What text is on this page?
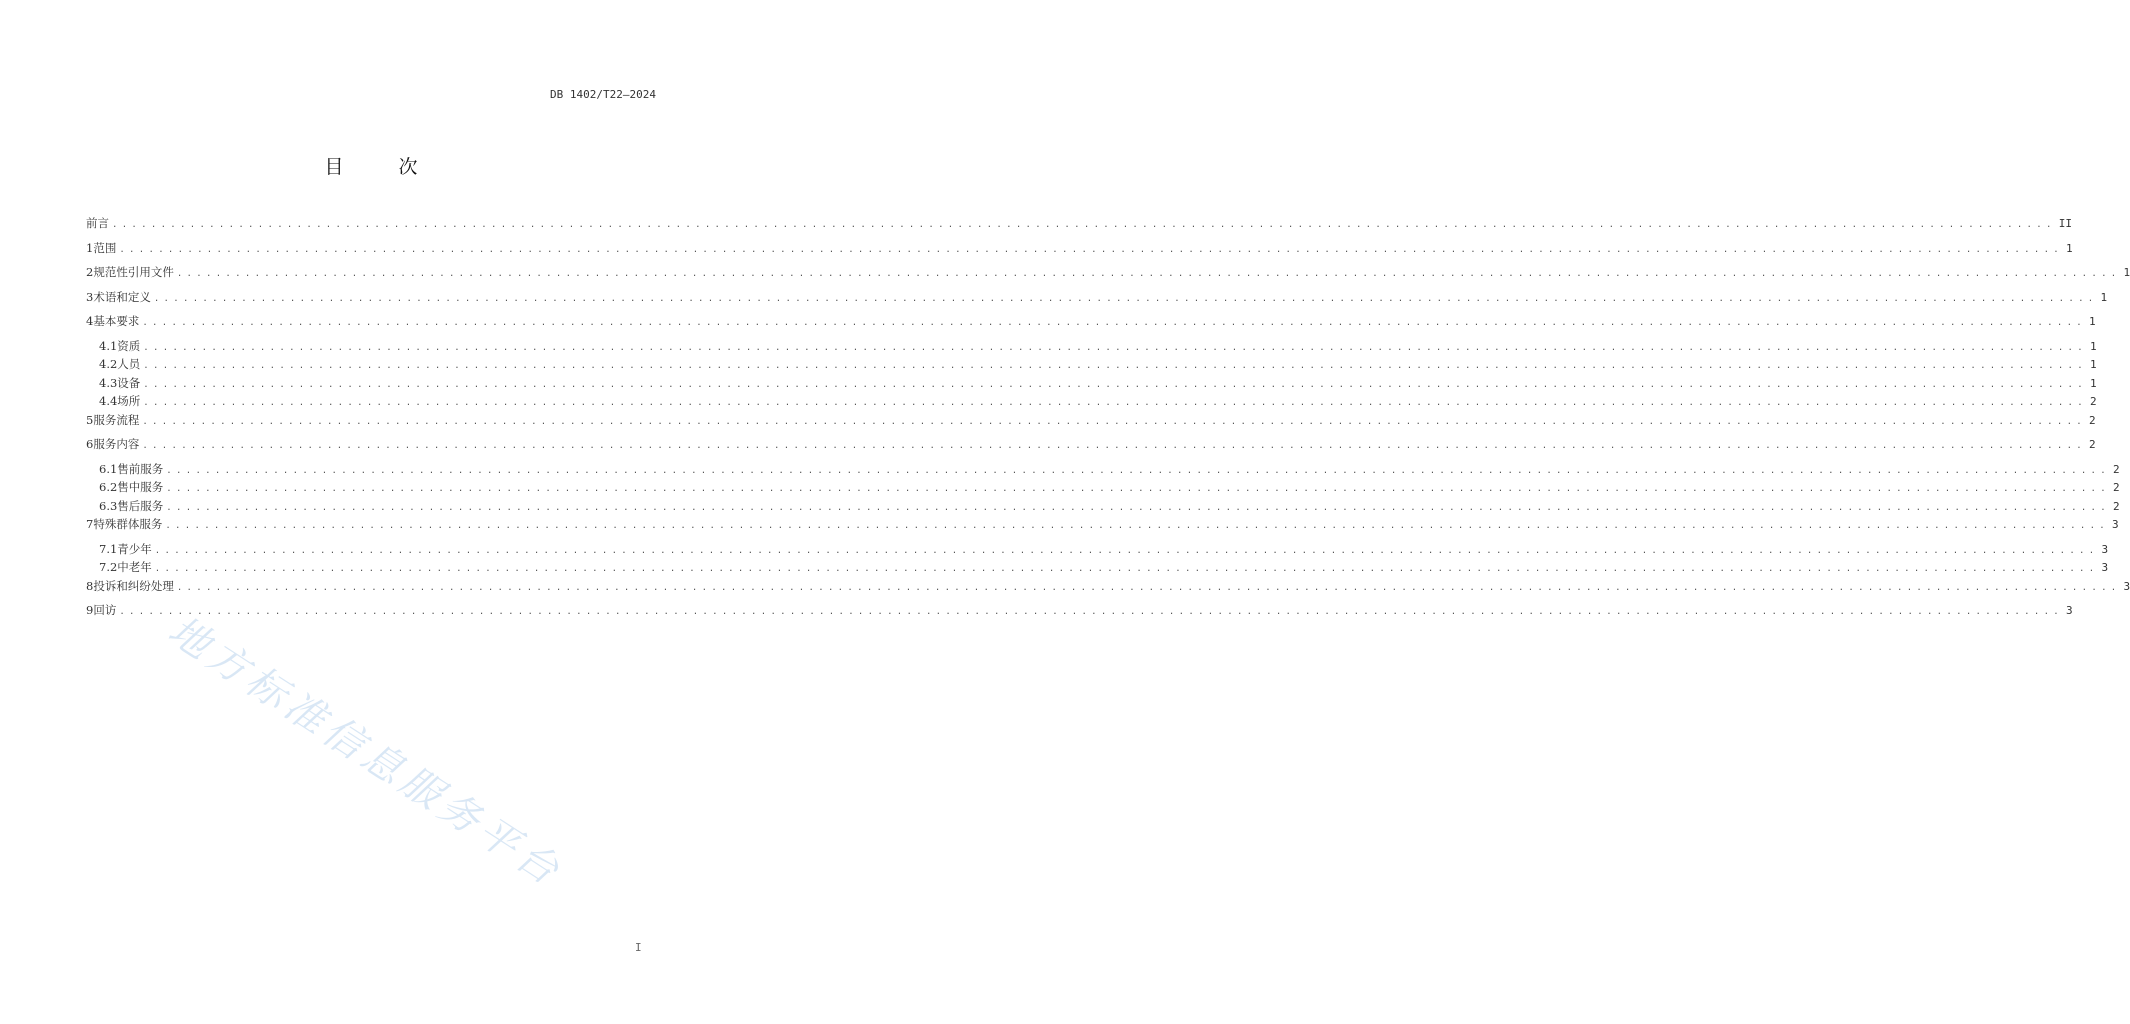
DB 1402/T22—2024
目　次
前言 ........................................................................................................................................................................................................ II
1 范围 ........................................................................................................................................................................................................ 1
2 规范性引用文件 ........................................................................................................................................................................................................ 1
3 术语和定义 ........................................................................................................................................................................................................ 1
4 基本要求 ........................................................................................................................................................................................................ 1
4.1 资质 ........................................................................................................................................................................................................ 1
4.2 人员 ........................................................................................................................................................................................................ 1
4.3 设备 ........................................................................................................................................................................................................ 1
4.4 场所 ........................................................................................................................................................................................................ 2
5 服务流程 ........................................................................................................................................................................................................ 2
6 服务内容 ........................................................................................................................................................................................................ 2
6.1 售前服务 ........................................................................................................................................................................................................ 2
6.2 售中服务 ........................................................................................................................................................................................................ 2
6.3 售后服务 ........................................................................................................................................................................................................ 2
7 特殊群体服务 ........................................................................................................................................................................................................ 3
7.1 青少年 ........................................................................................................................................................................................................ 3
7.2 中老年 ........................................................................................................................................................................................................ 3
8 投诉和纠纷处理 ........................................................................................................................................................................................................ 3
9 回访 ........................................................................................................................................................................................................ 3
地方标准信息服务平台
I
